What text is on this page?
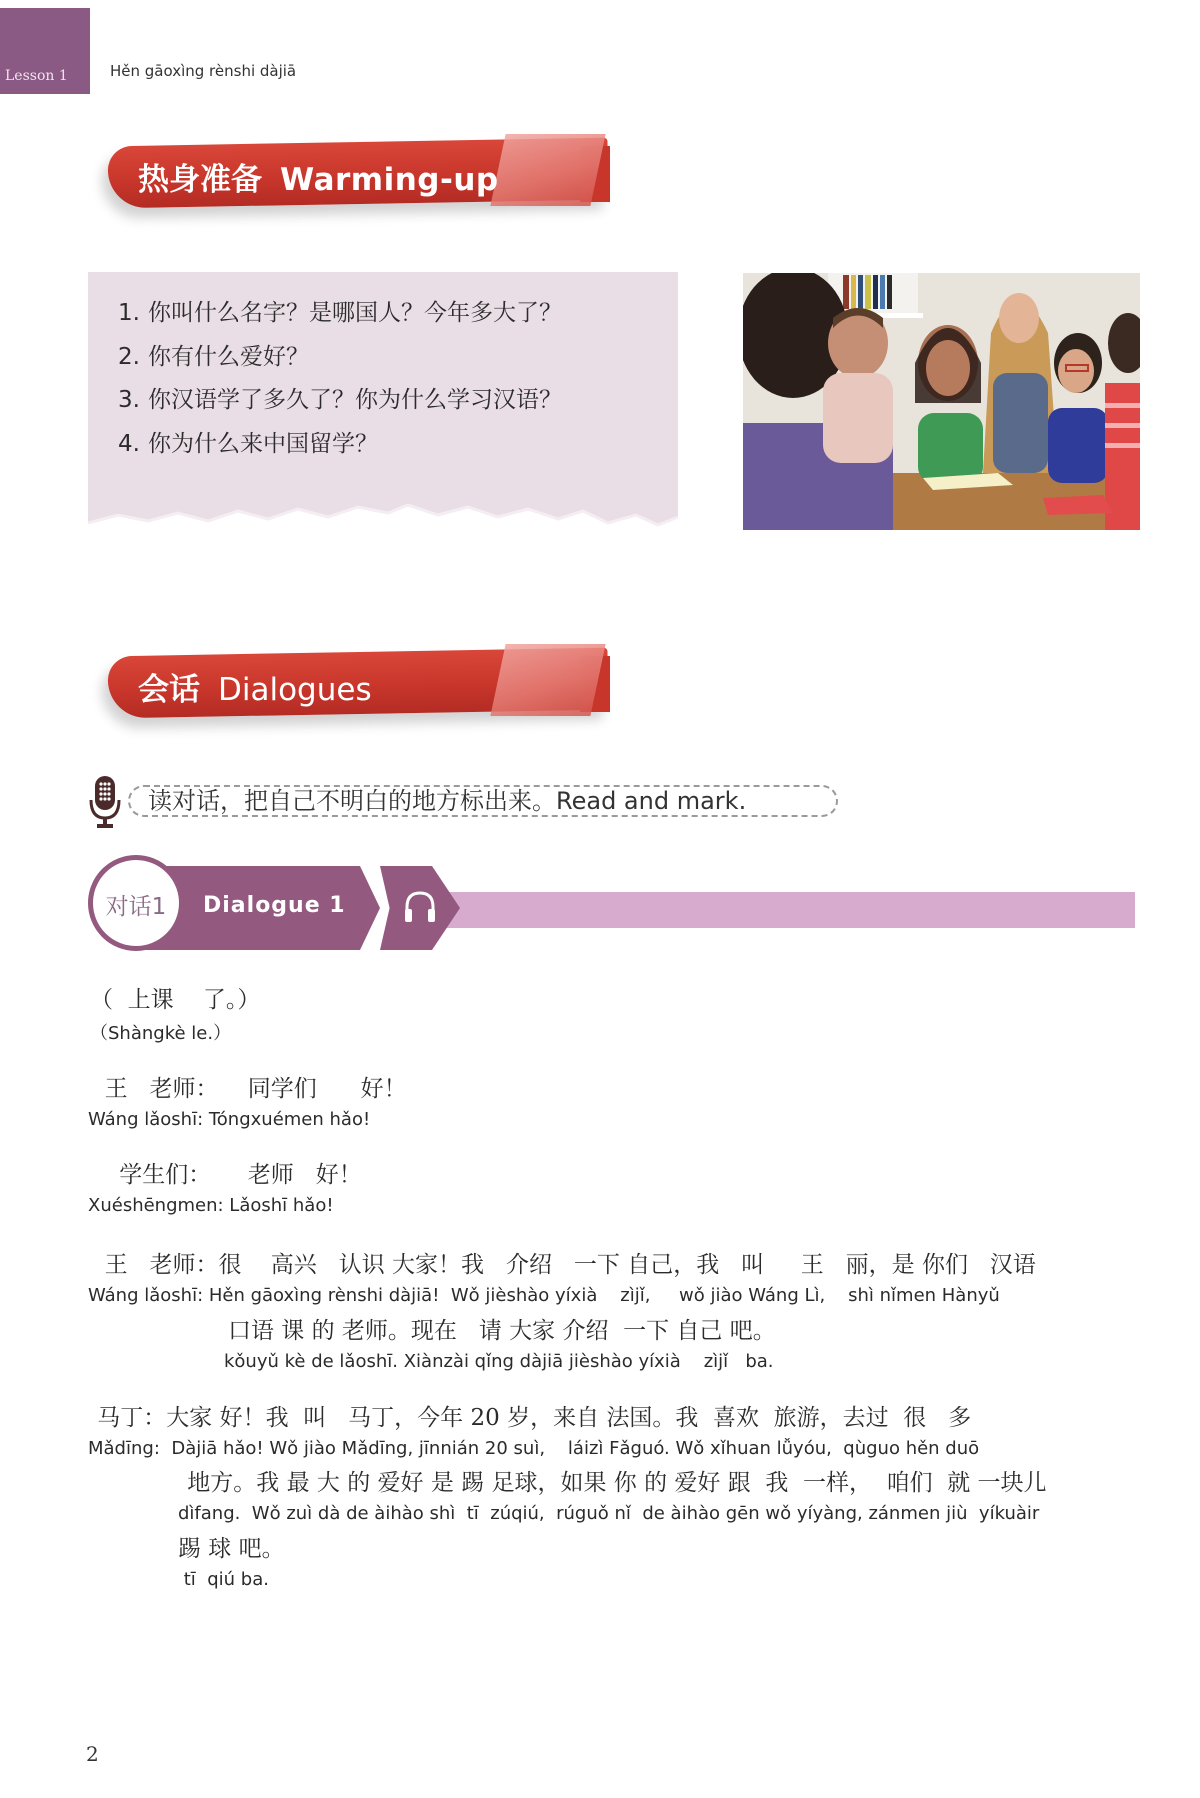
Lesson 1	Hěn gāoxìng rènshi dàjiā
热身准备 Warming-up
1. 你叫什么名字？是哪国人？今年多大了？
2. 你有什么爱好？
3. 你汉语学了多久了？你为什么学习汉语？
4. 你为什么来中国留学？
会话 Dialogues
读对话，把自己不明白的地方标出来。Read and mark.
对话1	Dialogue 1
（  上课    了。）
（Shàngkè le.）
王   老师：    同学们      好！
Wáng lǎoshī: Tóngxuémen hǎo!
学生们：     老师   好！
Xuéshēngmen: Lǎoshī hǎo!
王   老师：很    高兴   认识 大家！我   介绍   一下 自己，我   叫     王   丽，是 你们   汉语
Wáng lǎoshī: Hěn gāoxìng rènshi dàjiā!  Wǒ jièshào yíxià    zìjǐ,     wǒ jiào Wáng Lì,    shì nǐmen Hànyǔ
口语 课 的 老师。现在   请 大家 介绍  一下 自己 吧。
kǒuyǔ kè de lǎoshī. Xiànzài qǐng dàjiā jièshào yíxià    zìjǐ   ba.
马丁：大家 好！我  叫   马丁，今年 20 岁，来自 法国。我  喜欢  旅游，去过  很   多
Mǎdīng:  Dàjiā hǎo! Wǒ jiào Mǎdīng, jīnnián 20 suì,    láizì Fǎguó. Wǒ xǐhuan lǚyóu,  qùguo hěn duō
地方。我 最 大 的 爱好 是 踢 足球，如果 你 的 爱好 跟  我  一样，  咱们  就 一块儿
dìfang.  Wǒ zuì dà de àihào shì  tī  zúqiú,  rúguǒ nǐ  de àihào gēn wǒ yíyàng, zánmen jiù  yíkuàir
踢 球 吧。
tī  qiú ba.
2
